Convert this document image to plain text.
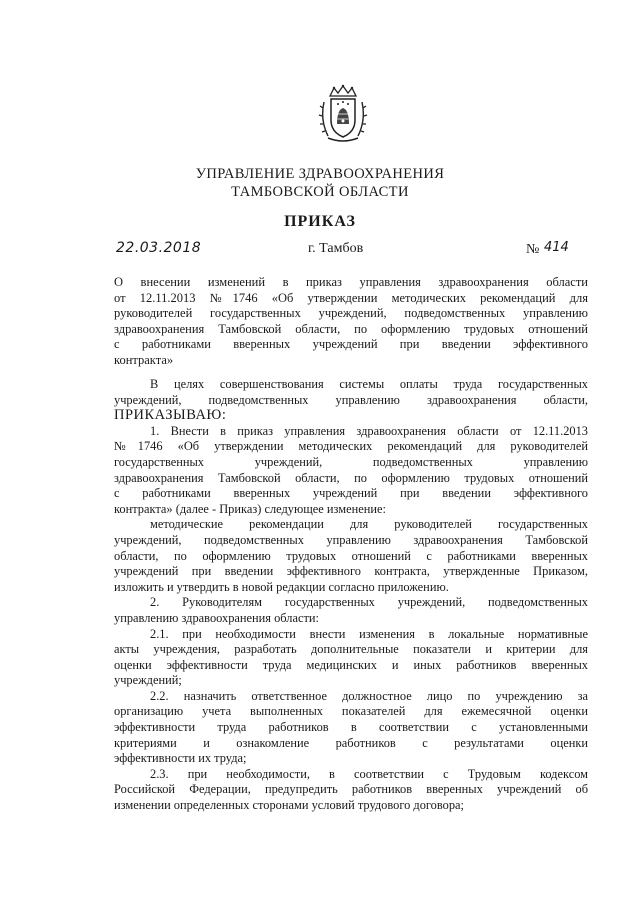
УПРАВЛЕНИЕ ЗДРАВООХРАНЕНИЯ
ТАМБОВСКОЙ ОБЛАСТИ
ПРИКАЗ
22.03.2018	г. Тамбов	№ 414
О внесении изменений в приказ управления здравоохранения области
от 12.11.2013 №1746 «Об утверждении методических рекомендаций для
руководителей государственных учреждений, подведомственных управлению
здравоохранения Тамбовской области, по оформлению трудовых отношений
с работниками вверенных учреждений при введении эффективного
контракта»
В целях совершенствования системы оплаты труда государственных
учреждений, подведомственных управлению здравоохранения области,
ПРИКАЗЫВАЮ:
1. Внести в приказ управления здравоохранения области от 12.11.2013
№1746 «Об утверждении методических рекомендаций для руководителей
государственных учреждений, подведомственных управлению
здравоохранения Тамбовской области, по оформлению трудовых отношений
с работниками вверенных учреждений при введении эффективного
контракта» (далее - Приказ) следующее изменение:
методические рекомендации для руководителей государственных
учреждений, подведомственных управлению здравоохранения Тамбовской
области, по оформлению трудовых отношений с работниками вверенных
учреждений при введении эффективного контракта, утвержденные Приказом,
изложить и утвердить в новой редакции согласно приложению.
2. Руководителям государственных учреждений, подведомственных
управлению здравоохранения области:
2.1. при необходимости внести изменения в локальные нормативные
акты учреждения, разработать дополнительные показатели и критерии для
оценки эффективности труда медицинских и иных работников вверенных
учреждений;
2.2. назначить ответственное должностное лицо по учреждению за
организацию учета выполненных показателей для ежемесячной оценки
эффективности труда работников в соответствии с установленными
критериями и ознакомление работников с результатами оценки
эффективности их труда;
2.3. при необходимости, в соответствии с Трудовым кодексом
Российской Федерации, предупредить работников вверенных учреждений об
изменении определенных сторонами условий трудового договора;
